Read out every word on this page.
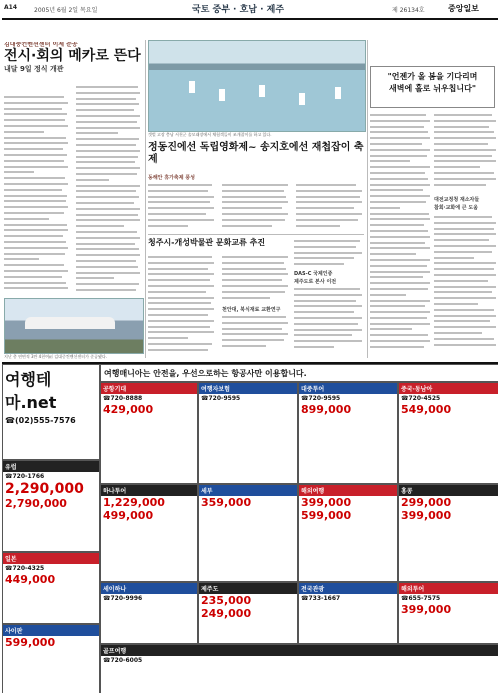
A14	2005년 6월 2일 목요일	국토 중부 · 호남 · 제주	제 26134호	중앙일보
김대중컨벤션센터 이제 준공
전시·회의 메카로 뜬다
내달 9일 정식 개관
지난 총 연면적 3만 4천여㎡ 김대중컨벤션센터가 준공됐다.
갯벌 고장 충남 서천군 솔모래장에서 체험객들이 조개잡이를 하고 있다.
정동진에선 독립영화제~ 송지호에선 재첩잡이 축제
동해안 휴가축제 풍성
청주시-개성박물관 문화교류 추진
천안대, 북식재료 교환연구
DAS-C 국제인증
제주도로 본사 이전
"언젠가 올 봄을 기다리며
새벽에 홀로 뉘우칩니다"
대전교정청 재소자들
참회·교화에 큰 도움
여행테마.net
☎(02)555-7576
여행매니아는 안전을, 우선으로하는 항공사만 이용합니다.
공항기대
☎720-8888
429,000
여행자보험
☎720-9595
대중투어
☎720-9595
899,000
중국·동남아
☎720-4525
549,000
유럽
☎720-1766
2,290,000
2,790,000
하나투어
1,229,000
499,000
세부
359,000
해외여행
399,000
599,000
홍콩
299,000
399,000
일본
☎720-4325
449,000
세이하나
☎720-9996
제주도
235,000
249,000
전국관광
☎733-1667
해외투어
☎655-7575
399,000
사이판
599,000
골프여행
☎720-6005
